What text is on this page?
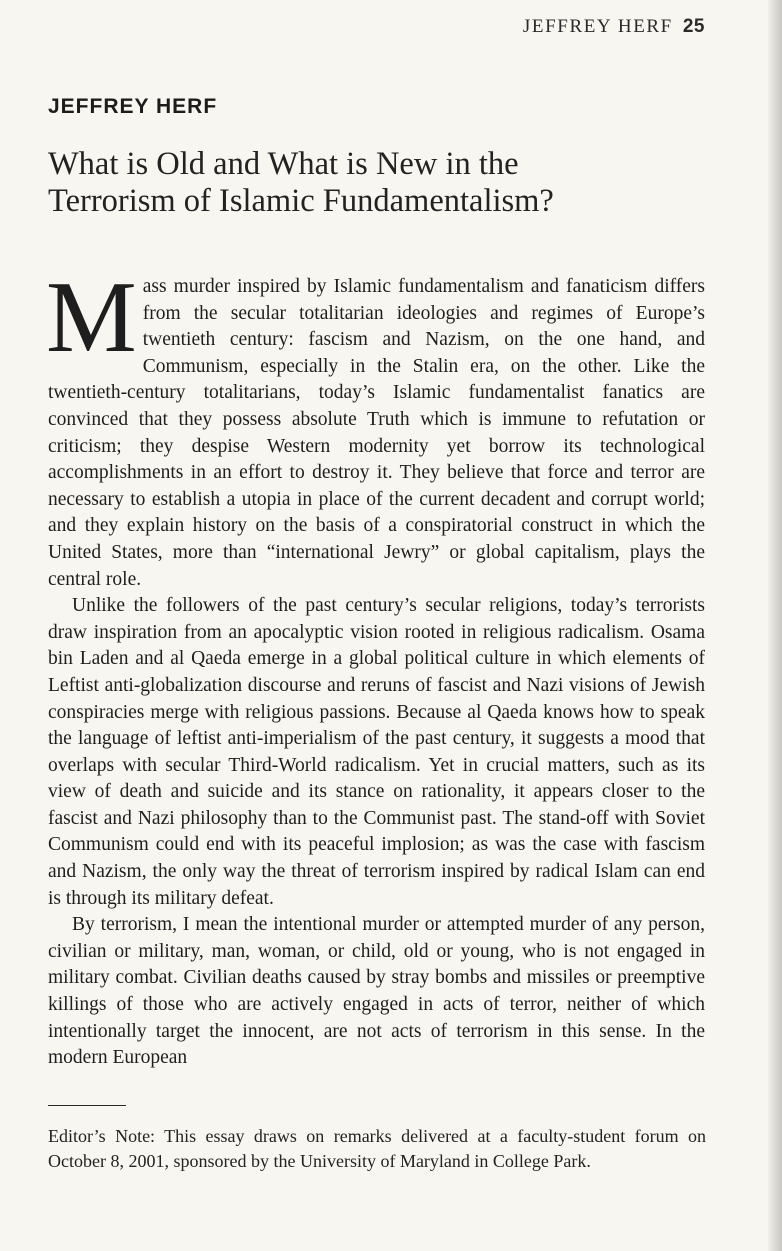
JEFFREY HERF 25
JEFFREY HERF
What is Old and What is New in the
Terrorism of Islamic Fundamentalism?

Mass murder inspired by Islamic fundamentalism and fanaticism differs from the secular totalitarian ideologies and regimes of Europe’s twentieth century: fascism and Nazism, on the one hand, and Communism, especially in the Stalin era, on the other. Like the twentieth-century totalitarians, today’s Islamic fundamentalist fanatics are convinced that they possess absolute Truth which is immune to refutation or criticism; they despise Western modernity yet borrow its technological accomplishments in an effort to destroy it. They believe that force and terror are necessary to establish a utopia in place of the current decadent and corrupt world; and they explain history on the basis of a conspiratorial construct in which the United States, more than “international Jewry” or global capitalism, plays the central role.

Unlike the followers of the past century’s secular religions, today’s terrorists draw inspiration from an apocalyptic vision rooted in religious radicalism. Osama bin Laden and al Qaeda emerge in a global political culture in which elements of Leftist anti-globalization discourse and reruns of fascist and Nazi visions of Jewish conspiracies merge with religious passions. Because al Qaeda knows how to speak the language of leftist anti-imperialism of the past century, it suggests a mood that overlaps with secular Third-World radicalism. Yet in crucial matters, such as its view of death and suicide and its stance on rationality, it appears closer to the fascist and Nazi philosophy than to the Communist past. The stand-off with Soviet Communism could end with its peaceful implosion; as was the case with fascism and Nazism, the only way the threat of terrorism inspired by radical Islam can end is through its military defeat.

By terrorism, I mean the intentional murder or attempted murder of any person, civilian or military, man, woman, or child, old or young, who is not engaged in military combat. Civilian deaths caused by stray bombs and missiles or preemptive killings of those who are actively engaged in acts of terror, neither of which intentionally target the innocent, are not acts of terrorism in this sense. In the modern European

Editor’s Note: This essay draws on remarks delivered at a faculty-student forum on October 8, 2001, sponsored by the University of Maryland in College Park.
